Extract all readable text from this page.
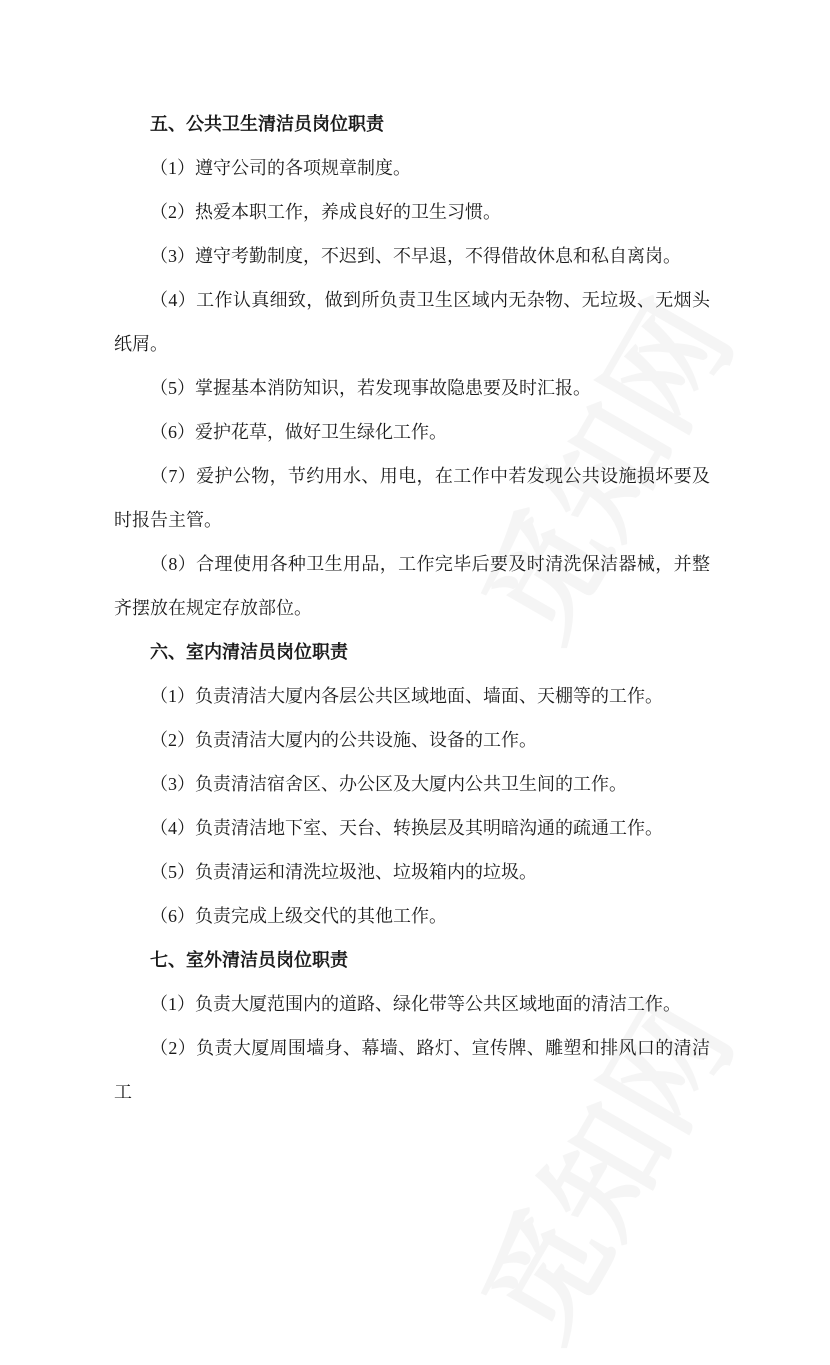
五、公共卫生清洁员岗位职责

（1）遵守公司的各项规章制度。

（2）热爱本职工作，养成良好的卫生习惯。

（3）遵守考勤制度，不迟到、不早退，不得借故休息和私自离岗。

（4）工作认真细致，做到所负责卫生区域内无杂物、无垃圾、无烟头纸屑。

（5）掌握基本消防知识，若发现事故隐患要及时汇报。

（6）爱护花草，做好卫生绿化工作。

（7）爱护公物，节约用水、用电，在工作中若发现公共设施损坏要及时报告主管。

（8）合理使用各种卫生用品，工作完毕后要及时清洗保洁器械，并整齐摆放在规定存放部位。

六、室内清洁员岗位职责

（1）负责清洁大厦内各层公共区域地面、墙面、天棚等的工作。

（2）负责清洁大厦内的公共设施、设备的工作。

（3）负责清洁宿舍区、办公区及大厦内公共卫生间的工作。

（4）负责清洁地下室、天台、转换层及其明暗沟通的疏通工作。

（5）负责清运和清洗垃圾池、垃圾箱内的垃圾。

（6）负责完成上级交代的其他工作。

七、室外清洁员岗位职责

（1）负责大厦范围内的道路、绿化带等公共区域地面的清洁工作。

（2）负责大厦周围墙身、幕墙、路灯、宣传牌、雕塑和排风口的清洁工
